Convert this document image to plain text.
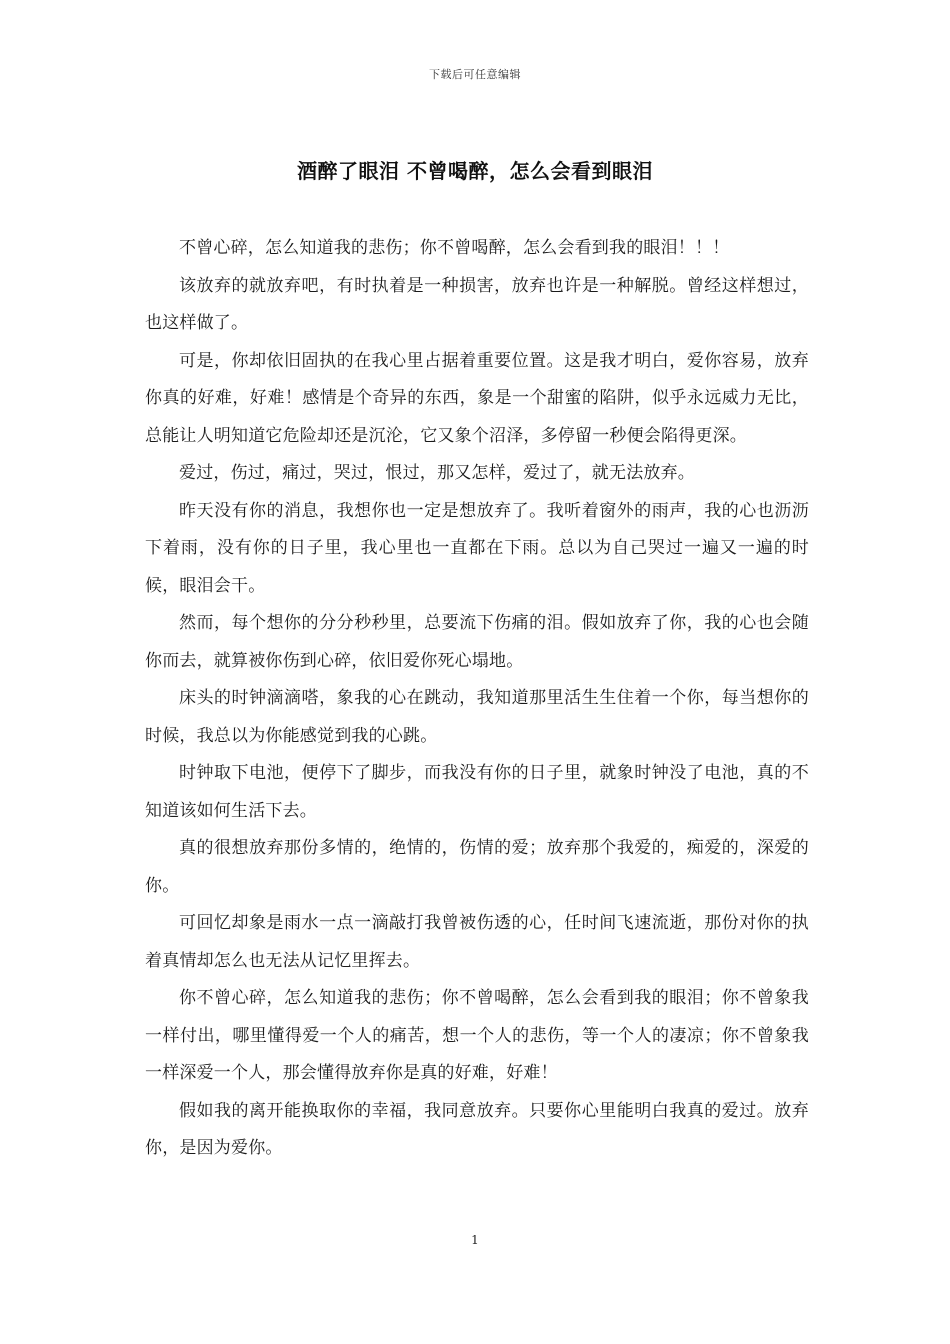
下载后可任意编辑
酒醉了眼泪 不曾喝醉，怎么会看到眼泪

不曾心碎，怎么知道我的悲伤；你不曾喝醉，怎么会看到我的眼泪！！！

该放弃的就放弃吧，有时执着是一种损害，放弃也许是一种解脱。曾经这样想过，也这样做了。

可是，你却依旧固执的在我心里占据着重要位置。这是我才明白，爱你容易，放弃你真的好难，好难！感情是个奇异的东西，象是一个甜蜜的陷阱，似乎永远威力无比，总能让人明知道它危险却还是沉沦，它又象个沼泽，多停留一秒便会陷得更深。

爱过，伤过，痛过，哭过，恨过，那又怎样，爱过了，就无法放弃。

昨天没有你的消息，我想你也一定是想放弃了。我听着窗外的雨声，我的心也沥沥下着雨，没有你的日子里，我心里也一直都在下雨。总以为自己哭过一遍又一遍的时候，眼泪会干。

然而，每个想你的分分秒秒里，总要流下伤痛的泪。假如放弃了你，我的心也会随你而去，就算被你伤到心碎，依旧爱你死心塌地。

床头的时钟滴滴嗒，象我的心在跳动，我知道那里活生生住着一个你，每当想你的时候，我总以为你能感觉到我的心跳。

时钟取下电池，便停下了脚步，而我没有你的日子里，就象时钟没了电池，真的不知道该如何生活下去。

真的很想放弃那份多情的，绝情的，伤情的爱；放弃那个我爱的，痴爱的，深爱的你。

可回忆却象是雨水一点一滴敲打我曾被伤透的心，任时间飞速流逝，那份对你的执着真情却怎么也无法从记忆里挥去。

你不曾心碎，怎么知道我的悲伤；你不曾喝醉，怎么会看到我的眼泪；你不曾象我一样付出，哪里懂得爱一个人的痛苦，想一个人的悲伤，等一个人的凄凉；你不曾象我一样深爱一个人，那会懂得放弃你是真的好难，好难！

假如我的离开能换取你的幸福，我同意放弃。只要你心里能明白我真的爱过。放弃你，是因为爱你。

1
